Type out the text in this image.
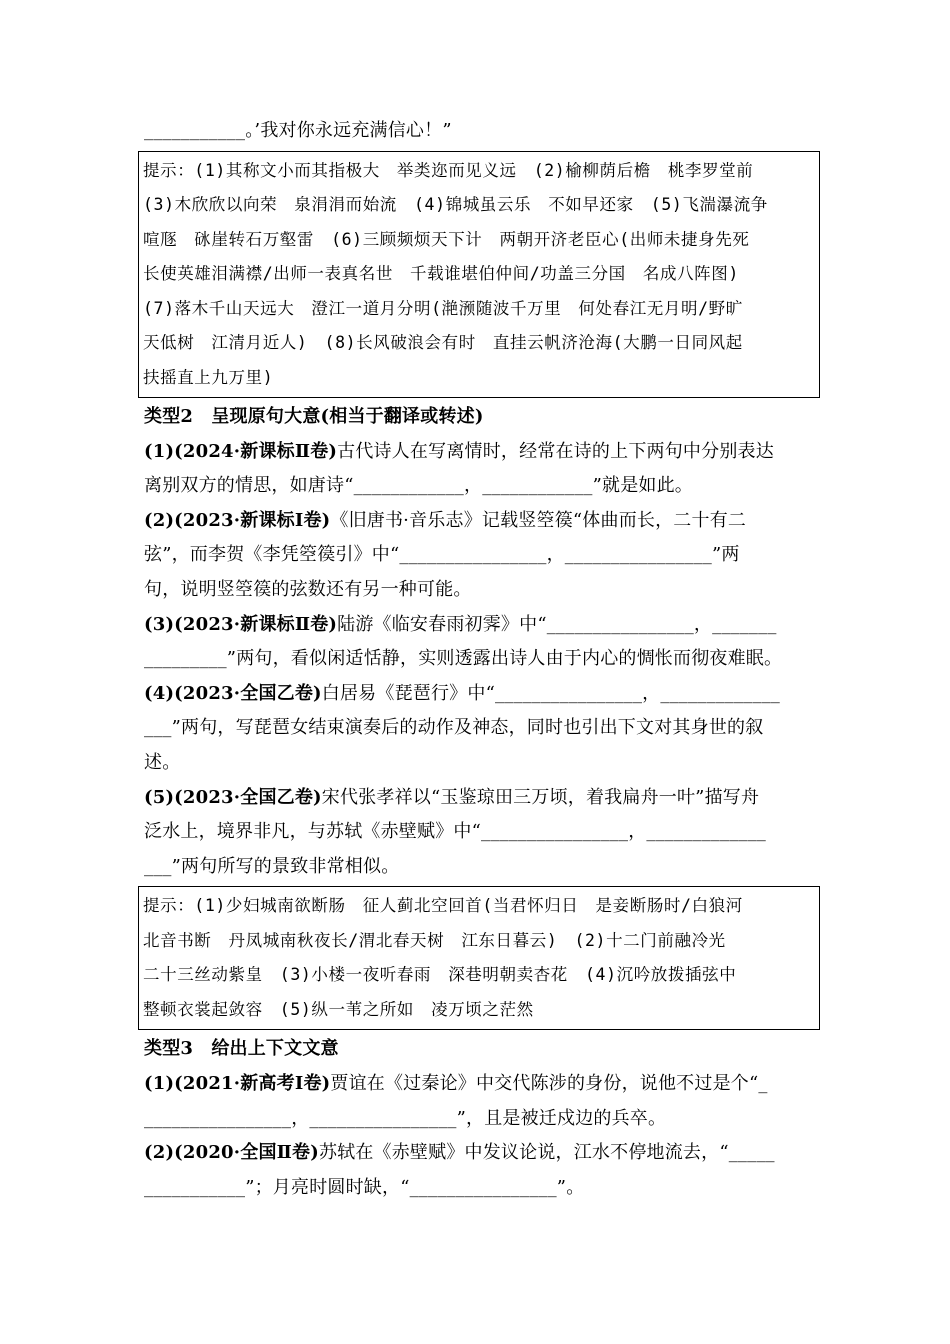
___________。’我对你永远充满信心！”
提示：(1)其称文小而其指极大　举类迩而见义远　(2)榆柳荫后檐　桃李罗堂前
(3)木欣欣以向荣　泉涓涓而始流　(4)锦城虽云乐　不如早还家　(5)飞湍瀑流争
喧豗　砯崖转石万壑雷　(6)三顾频烦天下计　两朝开济老臣心(出师未捷身先死
长使英雄泪满襟/出师一表真名世　千载谁堪伯仲间/功盖三分国　名成八阵图)
(7)落木千山天远大　澄江一道月分明(滟滪随波千万里　何处春江无月明/野旷
天低树　江清月近人)　(8)长风破浪会有时　直挂云帆济沧海(大鹏一日同风起
扶摇直上九万里)
类型2　呈现原句大意(相当于翻译或转述)
(1)(2024·新课标Ⅱ卷)古代诗人在写离情时，经常在诗的上下两句中分别表达
离别双方的情思，如唐诗“____________，____________”就是如此。
(2)(2023·新课标Ⅰ卷)《旧唐书·音乐志》记载竖箜篌“体曲而长，二十有二
弦”，而李贺《李凭箜篌引》中“________________，________________”两
句，说明竖箜篌的弦数还有另一种可能。
(3)(2023·新课标Ⅱ卷)陆游《临安春雨初霁》中“________________，_______
_________”两句，看似闲适恬静，实则透露出诗人由于内心的惆怅而彻夜难眠。
(4)(2023·全国乙卷)白居易《琵琶行》中“________________，_____________
___”两句，写琵琶女结束演奏后的动作及神态，同时也引出下文对其身世的叙
述。
(5)(2023·全国乙卷)宋代张孝祥以“玉鉴琼田三万顷，着我扁舟一叶”描写舟
泛水上，境界非凡，与苏轼《赤壁赋》中“________________，_____________
___”两句所写的景致非常相似。
提示：(1)少妇城南欲断肠　征人蓟北空回首(当君怀归日　是妾断肠时/白狼河
北音书断　丹凤城南秋夜长/渭北春天树　江东日暮云)　(2)十二门前融冷光
二十三丝动紫皇　(3)小楼一夜听春雨　深巷明朝卖杏花　(4)沉吟放拨插弦中
整顿衣裳起敛容　(5)纵一苇之所如　凌万顷之茫然
类型3　给出上下文文意
(1)(2021·新高考Ⅰ卷)贾谊在《过秦论》中交代陈涉的身份，说他不过是个“_
________________，________________”，且是被迁戍边的兵卒。
(2)(2020·全国Ⅱ卷)苏轼在《赤壁赋》中发议论说，江水不停地流去，“_____
___________”；月亮时圆时缺，“________________”。
